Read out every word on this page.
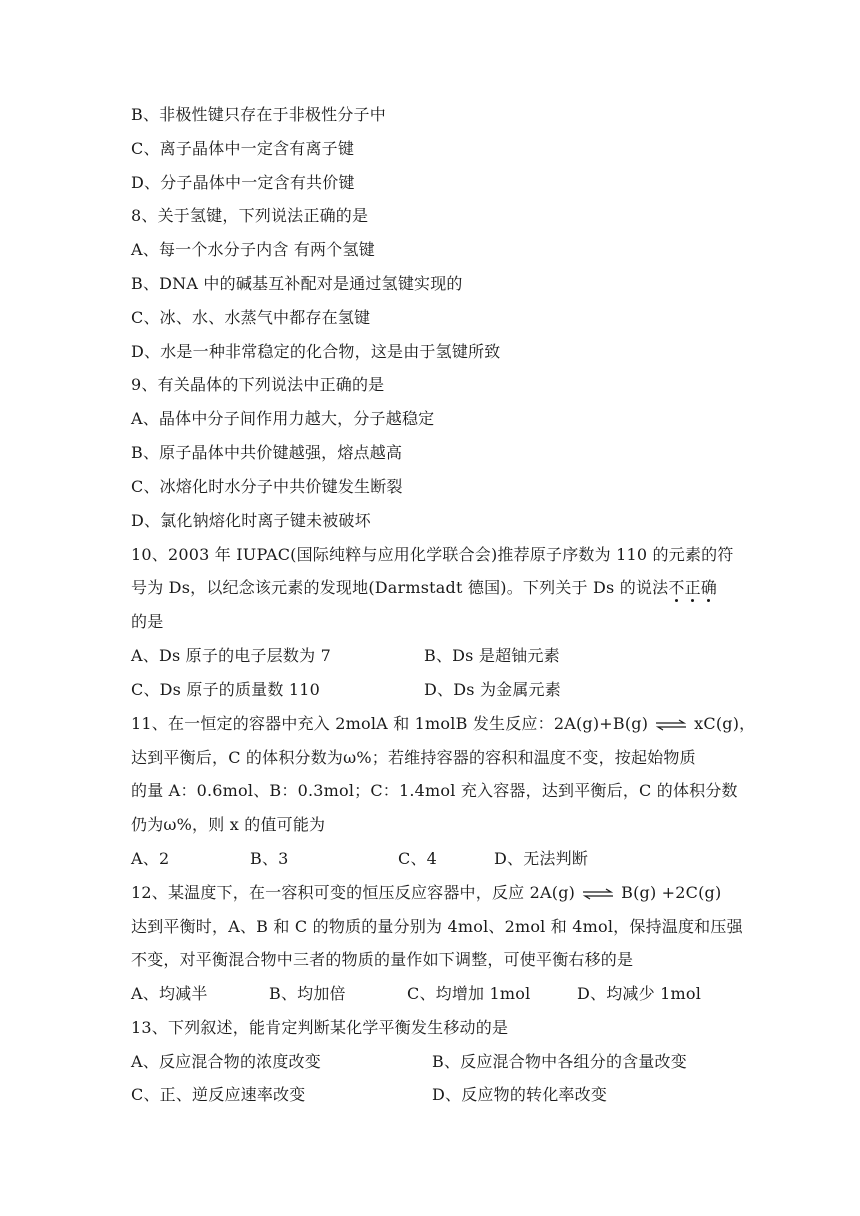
B、非极性键只存在于非极性分子中
C、离子晶体中一定含有离子键
D、分子晶体中一定含有共价键
8、关于氢键，下列说法正确的是
A、每一个水分子内含 有两个氢键
B、DNA 中的碱基互补配对是通过氢键实现的
C、冰、水、水蒸气中都存在氢键
D、水是一种非常稳定的化合物，这是由于氢键所致
9、有关晶体的下列说法中正确的是
A、晶体中分子间作用力越大，分子越稳定
B、原子晶体中共价键越强，熔点越高
C、冰熔化时水分子中共价键发生断裂
D、氯化钠熔化时离子键未被破坏
10、2003 年 IUPAC(国际纯粹与应用化学联合会)推荐原子序数为 110 的元素的符
号为 Ds，以纪念该元素的发现地(Darmstadt 德国)。下列关于 Ds 的说法不正确
的是
A、Ds 原子的电子层数为 7	B、Ds 是超铀元素
C、Ds 原子的质量数 110	D、Ds 为金属元素
11、在一恒定的容器中充入 2molA 和 1molB 发生反应：2A(g)+B(g) ⇌ xC(g)，
达到平衡后，C 的体积分数为ω%；若维持容器的容积和温度不变，按起始物质
的量 A：0.6mol、B：0.3mol；C：1.4mol 充入容器，达到平衡后，C 的体积分数
仍为ω%，则 x 的值可能为
A、2	B、3	C、4	D、无法判断
12、某温度下，在一容积可变的恒压反应容器中，反应 2A(g) ⇌ B(g) +2C(g)
达到平衡时，A、B 和 C 的物质的量分别为 4mol、2mol 和 4mol，保持温度和压强
不变，对平衡混合物中三者的物质的量作如下调整，可使平衡右移的是
A、均减半	B、均加倍	C、均增加 1mol	D、均减少 1mol
13、下列叙述，能肯定判断某化学平衡发生移动的是
A、反应混合物的浓度改变	B、反应混合物中各组分的含量改变
C、正、逆反应速率改变	D、反应物的转化率改变
